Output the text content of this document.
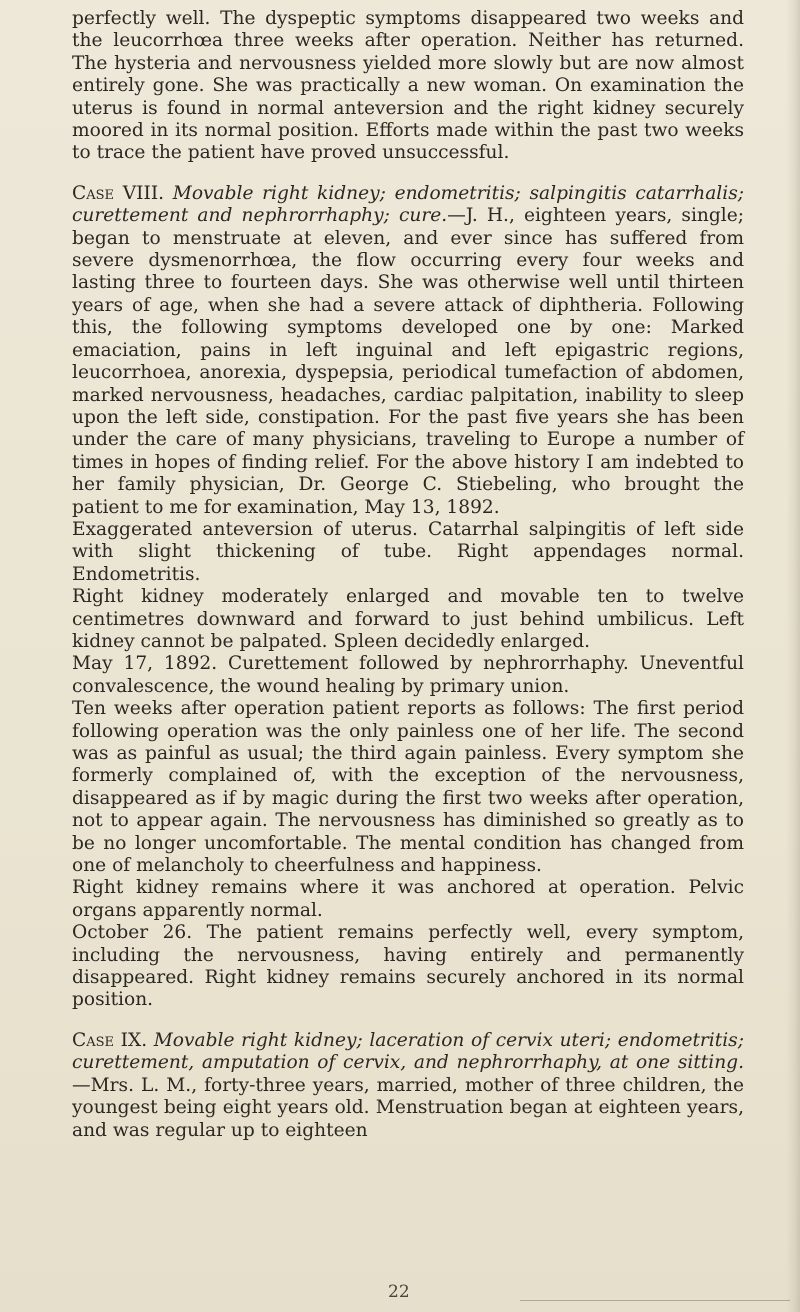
perfectly well. The dyspeptic symptoms disappeared two weeks and the leucorrhœa three weeks after operation. Neither has returned. The hysteria and nervousness yielded more slowly but are now almost entirely gone. She was practically a new woman. On examination the uterus is found in normal anteversion and the right kidney securely moored in its normal position. Efforts made within the past two weeks to trace the patient have proved unsuccessful.

Case VIII. Movable right kidney; endometritis; salpingitis catarrhalis; curettement and nephrorrhaphy; cure.—J. H., eighteen years, single; began to menstruate at eleven, and ever since has suffered from severe dysmenorrhœa, the flow occurring every four weeks and lasting three to fourteen days. She was otherwise well until thirteen years of age, when she had a severe attack of diphtheria. Following this, the following symptoms developed one by one: Marked emaciation, pains in left inguinal and left epigastric regions, leucorrhoea, anorexia, dyspepsia, periodical tumefaction of abdomen, marked nervousness, headaches, cardiac palpitation, inability to sleep upon the left side, constipation. For the past five years she has been under the care of many physicians, traveling to Europe a number of times in hopes of finding relief. For the above history I am indebted to her family physician, Dr. George C. Stiebeling, who brought the patient to me for examination, May 13, 1892.

Exaggerated anteversion of uterus. Catarrhal salpingitis of left side with slight thickening of tube. Right appendages normal. Endometritis.

Right kidney moderately enlarged and movable ten to twelve centimetres downward and forward to just behind umbilicus. Left kidney cannot be palpated. Spleen decidedly enlarged.

May 17, 1892. Curettement followed by nephrorrhaphy. Uneventful convalescence, the wound healing by primary union.

Ten weeks after operation patient reports as follows: The first period following operation was the only painless one of her life. The second was as painful as usual; the third again painless. Every symptom she formerly complained of, with the exception of the nervousness, disappeared as if by magic during the first two weeks after operation, not to appear again. The nervousness has diminished so greatly as to be no longer uncomfortable. The mental condition has changed from one of melancholy to cheerfulness and happiness.

Right kidney remains where it was anchored at operation. Pelvic organs apparently normal.

October 26. The patient remains perfectly well, every symptom, including the nervousness, having entirely and permanently disappeared. Right kidney remains securely anchored in its normal position.

Case IX. Movable right kidney; laceration of cervix uteri; endometritis; curettement, amputation of cervix, and nephrorrhaphy, at one sitting.—Mrs. L. M., forty-three years, married, mother of three children, the youngest being eight years old. Menstruation began at eighteen years, and was regular up to eighteen

22
